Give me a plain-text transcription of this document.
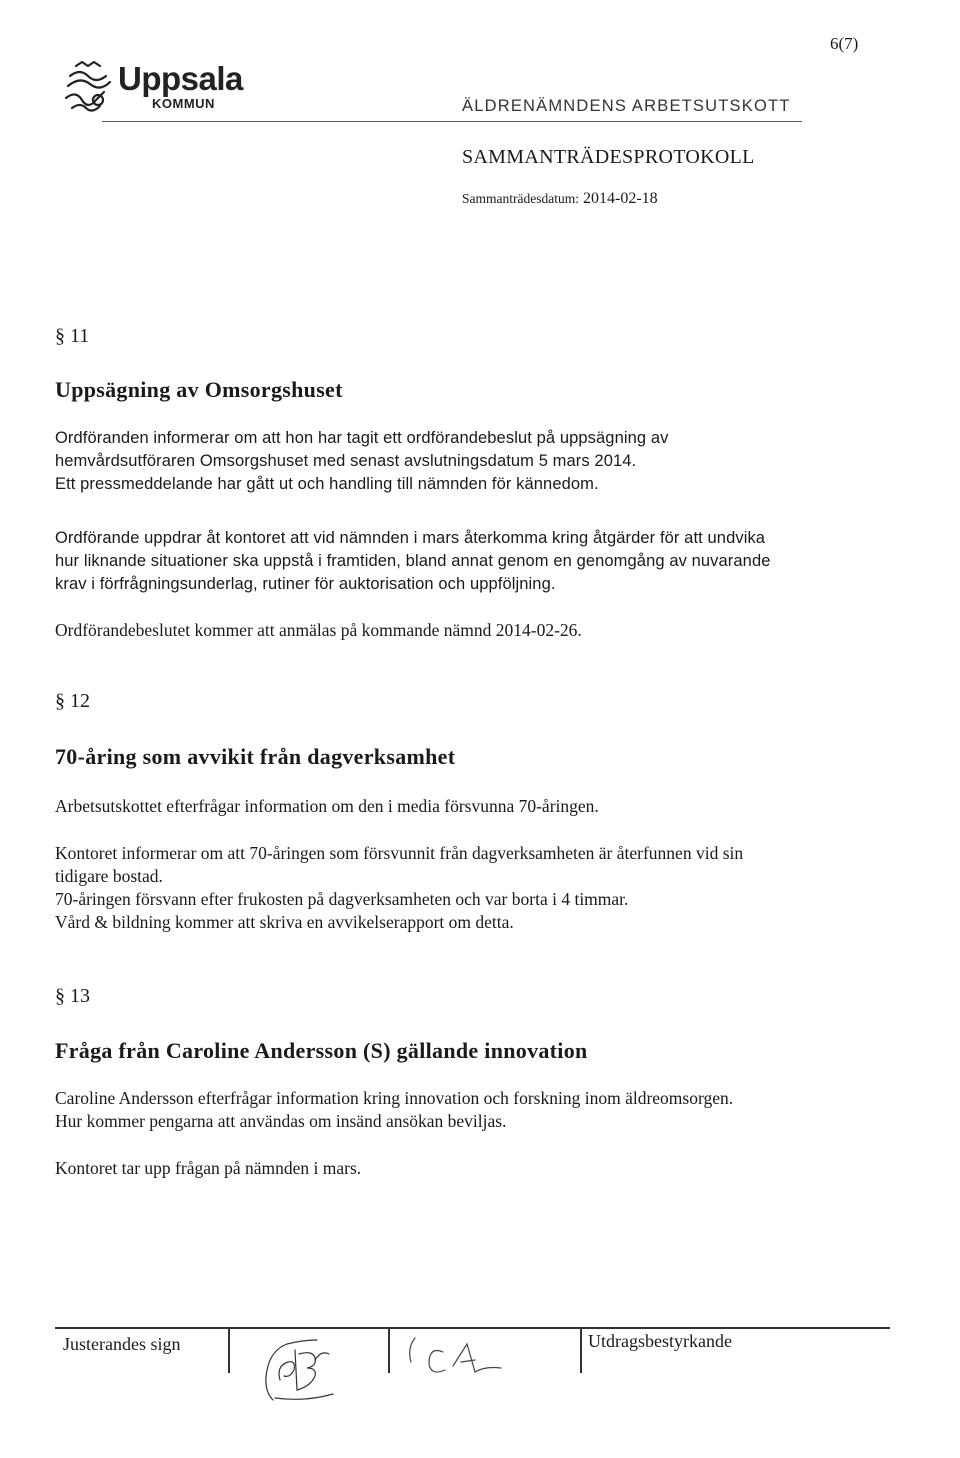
6(7)
Uppsala
KOMMUN	ÄLDRENÄMNDENS ARBETSUTSKOTT
SAMMANTRÄDESPROTOKOLL
Sammanträdesdatum: 2014-02-18
§ 11
Uppsägning av Omsorgshuset
Ordföranden informerar om att hon har tagit ett ordförandebeslut på uppsägning av
hemvårdsutföraren Omsorgshuset med senast avslutningsdatum 5 mars 2014.
Ett pressmeddelande har gått ut och handling till nämnden för kännedom.
Ordförande uppdrar åt kontoret att vid nämnden i mars återkomma kring åtgärder för att undvika
hur liknande situationer ska uppstå i framtiden, bland annat genom en genomgång av nuvarande
krav i förfrågningsunderlag, rutiner för auktorisation och uppföljning.
Ordförandebeslutet kommer att anmälas på kommande nämnd 2014-02-26.
§ 12
70-åring som avvikit från dagverksamhet
Arbetsutskottet efterfrågar information om den i media försvunna 70-åringen.
Kontoret informerar om att 70-åringen som försvunnit från dagverksamheten är återfunnen vid sin
tidigare bostad.
70-åringen försvann efter frukosten på dagverksamheten och var borta i 4 timmar.
Vård & bildning kommer att skriva en avvikelserapport om detta.
§ 13
Fråga från Caroline Andersson (S) gällande innovation
Caroline Andersson efterfrågar information kring innovation och forskning inom äldreomsorgen.
Hur kommer pengarna att användas om insänd ansökan beviljas.
Kontoret tar upp frågan på nämnden i mars.
Justerandes sign	Utdragsbestyrkande
